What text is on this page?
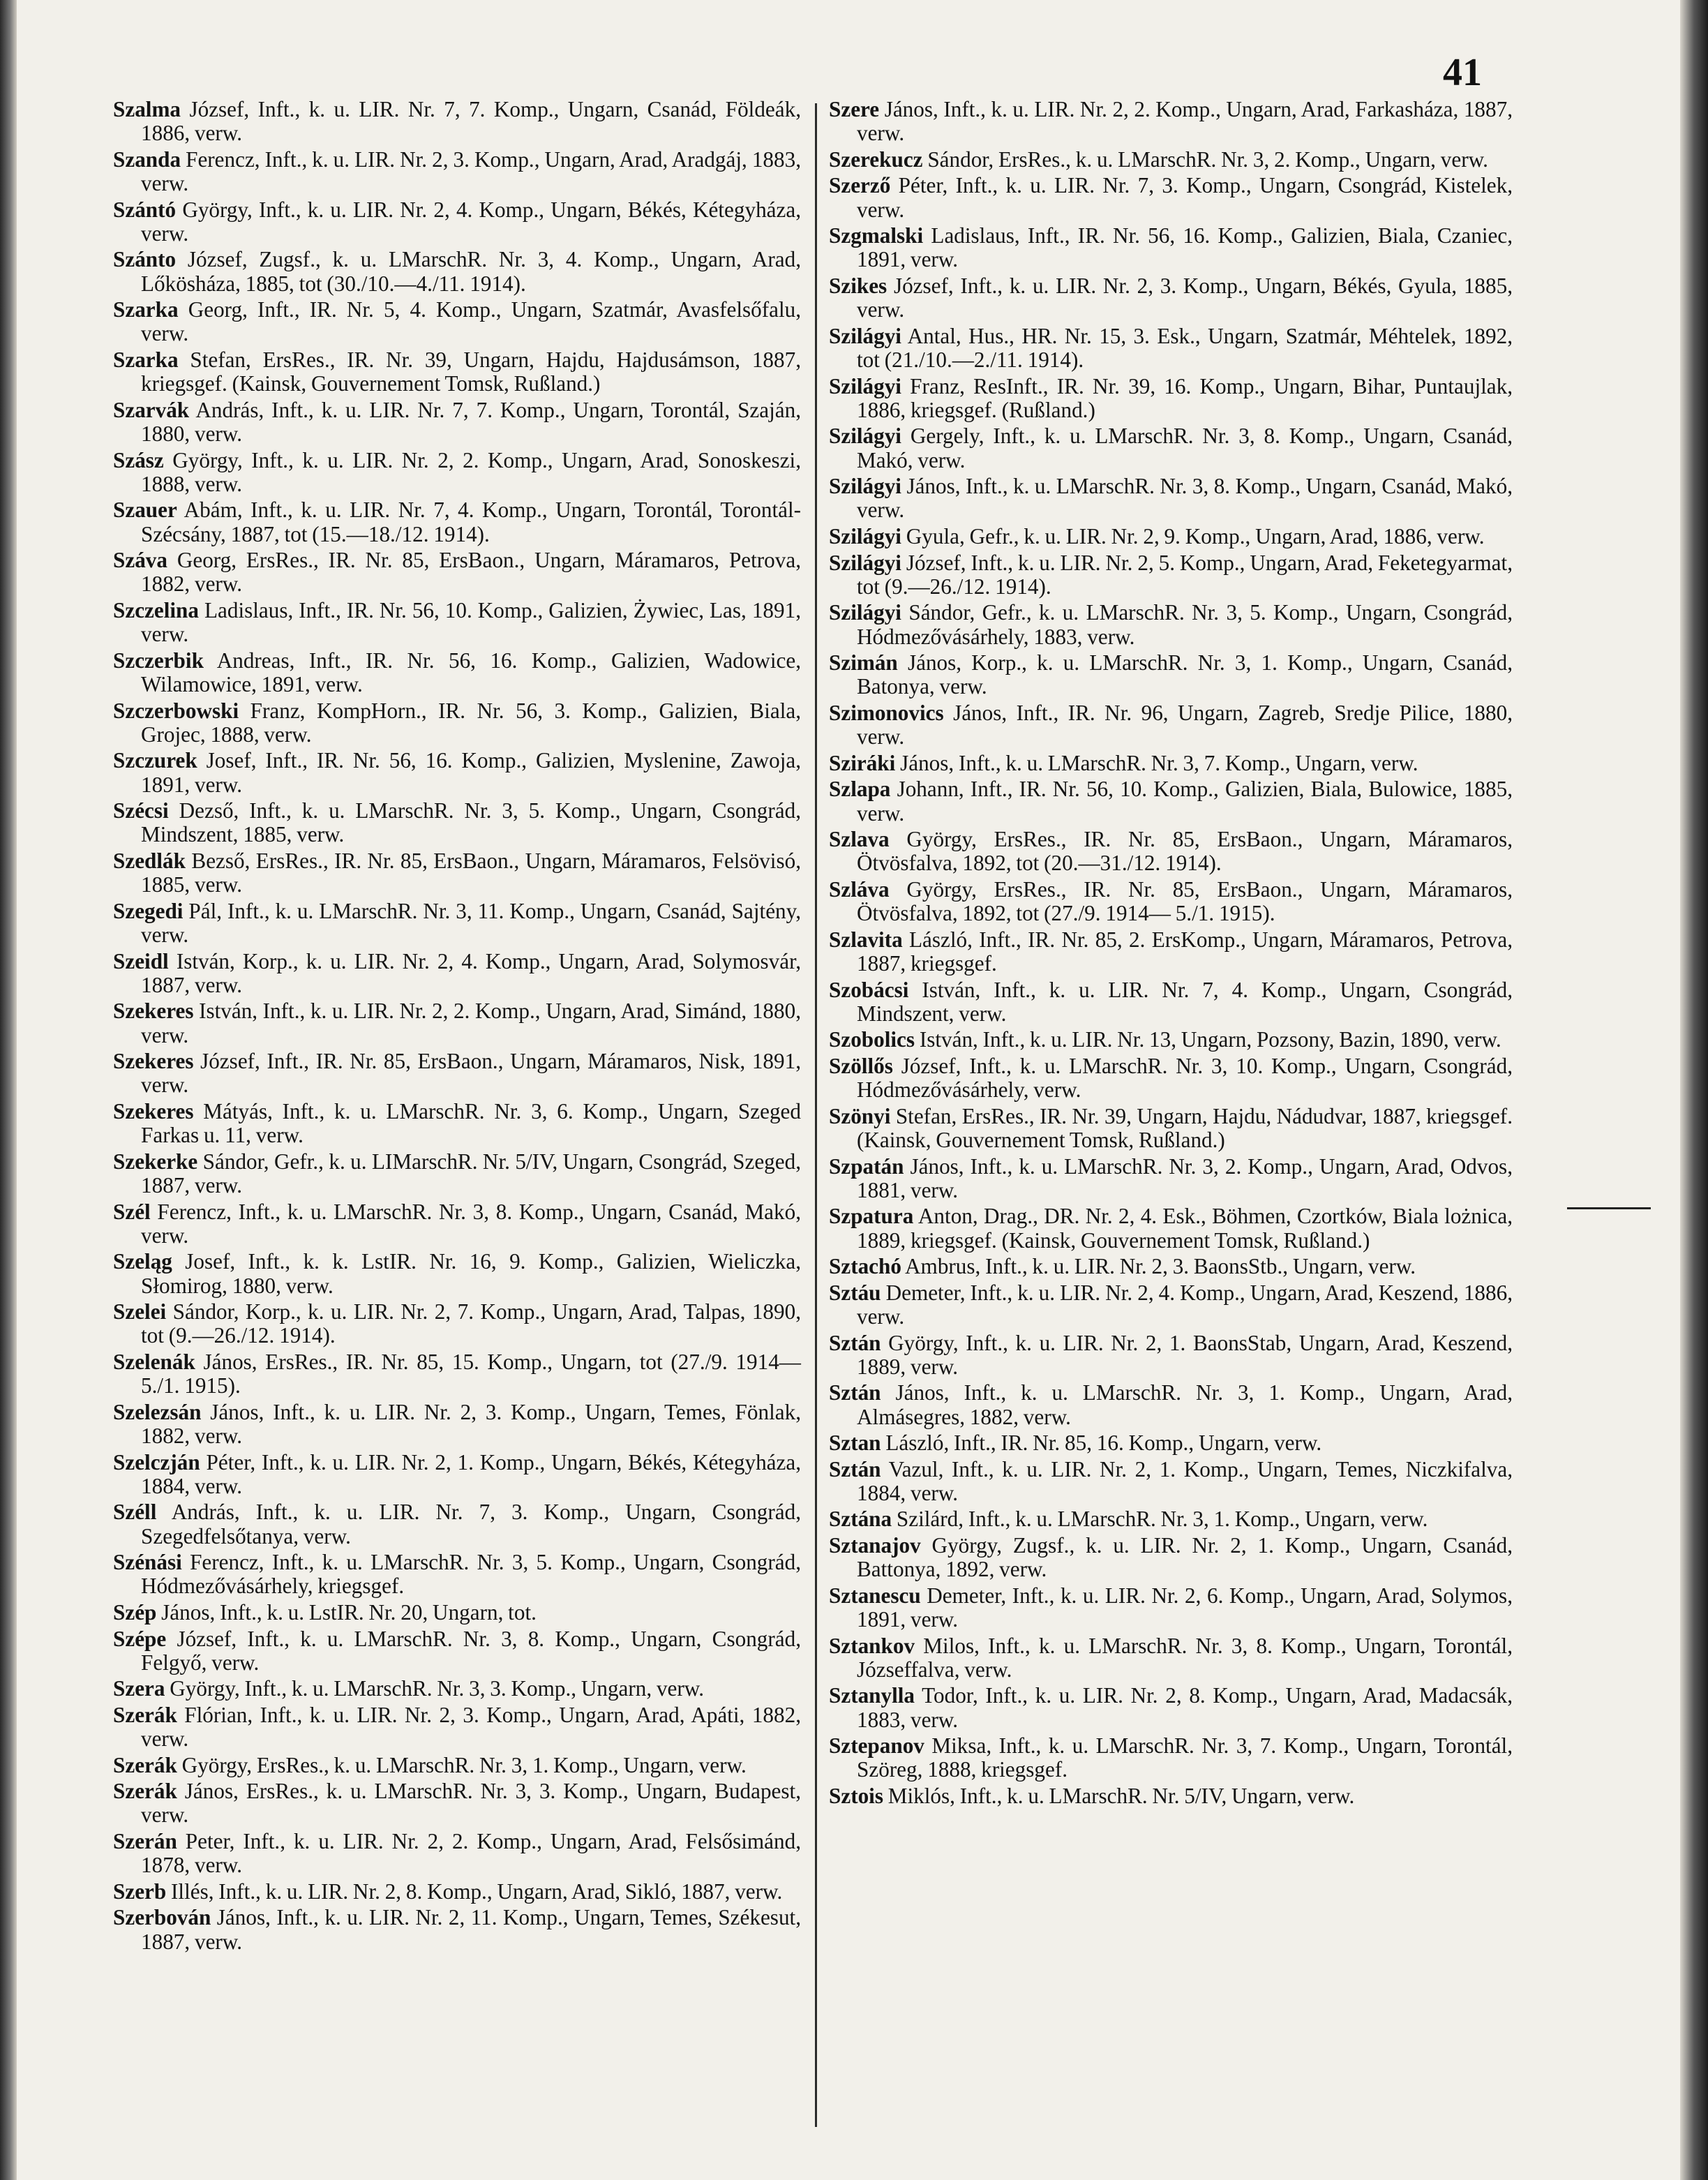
41
Szalma József, Inft., k. u. LIR. Nr. 7, 7. Komp., Ungarn, Csanád, Földeák, 1886, verw.
Szanda Ferencz, Inft., k. u. LIR. Nr. 2, 3. Komp., Ungarn, Arad, Aradgáj, 1883, verw.
Szántó György, Inft., k. u. LIR. Nr. 2, 4. Komp., Ungarn, Békés, Kétegyháza, verw.
Szánto József, Zugsf., k. u. LMarschR. Nr. 3, 4. Komp., Ungarn, Arad, Lőkösháza, 1885, tot (30./10.—4./11. 1914).
Szarka Georg, Inft., IR. Nr. 5, 4. Komp., Ungarn, Szatmár, Avasfelsőfalu, verw.
Szarka Stefan, ErsRes., IR. Nr. 39, Ungarn, Hajdu, Hajdusámson, 1887, kriegsgef. (Kainsk, Gouvernement Tomsk, Rußland.)
Szarvák András, Inft., k. u. LIR. Nr. 7, 7. Komp., Ungarn, Torontál, Szaján, 1880, verw.
Szász György, Inft., k. u. LIR. Nr. 2, 2. Komp., Ungarn, Arad, Sonoskeszi, 1888, verw.
Szauer Abám, Inft., k. u. LIR. Nr. 7, 4. Komp., Ungarn, Torontál, Torontál-Szécsány, 1887, tot (15.—18./12. 1914).
Száva Georg, ErsRes., IR. Nr. 85, ErsBaon., Ungarn, Máramaros, Petrova, 1882, verw.
Szczelina Ladislaus, Inft., IR. Nr. 56, 10. Komp., Galizien, Żywiec, Las, 1891, verw.
Szczerbik Andreas, Inft., IR. Nr. 56, 16. Komp., Galizien, Wadowice, Wilamowice, 1891, verw.
Szczerbowski Franz, KompHorn., IR. Nr. 56, 3. Komp., Galizien, Biala, Grojec, 1888, verw.
Szczurek Josef, Inft., IR. Nr. 56, 16. Komp., Galizien, Myslenine, Zawoja, 1891, verw.
Szécsi Dezső, Inft., k. u. LMarschR. Nr. 3, 5. Komp., Ungarn, Csongrád, Mindszent, 1885, verw.
Szedlák Bezső, ErsRes., IR. Nr. 85, ErsBaon., Ungarn, Máramaros, Felsövisó, 1885, verw.
Szegedi Pál, Inft., k. u. LMarschR. Nr. 3, 11. Komp., Ungarn, Csanád, Sajtény, verw.
Szeidl István, Korp., k. u. LIR. Nr. 2, 4. Komp., Ungarn, Arad, Solymosvár, 1887, verw.
Szekeres István, Inft., k. u. LIR. Nr. 2, 2. Komp., Ungarn, Arad, Simánd, 1880, verw.
Szekeres József, Inft., IR. Nr. 85, ErsBaon., Ungarn, Máramaros, Nisk, 1891, verw.
Szekeres Mátyás, Inft., k. u. LMarschR. Nr. 3, 6. Komp., Ungarn, Szeged Farkas u. 11, verw.
Szekerke Sándor, Gefr., k. u. LIMarschR. Nr. 5/IV, Ungarn, Csongrád, Szeged, 1887, verw.
Szél Ferencz, Inft., k. u. LMarschR. Nr. 3, 8. Komp., Ungarn, Csanád, Makó, verw.
Szeląg Josef, Inft., k. k. LstIR. Nr. 16, 9. Komp., Galizien, Wieliczka, Słomirog, 1880, verw.
Szelei Sándor, Korp., k. u. LIR. Nr. 2, 7. Komp., Ungarn, Arad, Talpas, 1890, tot (9.—26./12. 1914).
Szelenák János, ErsRes., IR. Nr. 85, 15. Komp., Ungarn, tot (27./9. 1914—5./1. 1915).
Szelezsán János, Inft., k. u. LIR. Nr. 2, 3. Komp., Ungarn, Temes, Fönlak, 1882, verw.
Szelczján Péter, Inft., k. u. LIR. Nr. 2, 1. Komp., Ungarn, Békés, Kétegyháza, 1884, verw.
Széll András, Inft., k. u. LIR. Nr. 7, 3. Komp., Ungarn, Csongrád, Szegedfelsőtanya, verw.
Szénási Ferencz, Inft., k. u. LMarschR. Nr. 3, 5. Komp., Ungarn, Csongrád, Hódmezővásárhely, kriegsgef.
Szép János, Inft., k. u. LstIR. Nr. 20, Ungarn, tot.
Szépe József, Inft., k. u. LMarschR. Nr. 3, 8. Komp., Ungarn, Csongrád, Felgyő, verw.
Szera György, Inft., k. u. LMarschR. Nr. 3, 3. Komp., Ungarn, verw.
Szerák Flórian, Inft., k. u. LIR. Nr. 2, 3. Komp., Ungarn, Arad, Apáti, 1882, verw.
Szerák György, ErsRes., k. u. LMarschR. Nr. 3, 1. Komp., Ungarn, verw.
Szerák János, ErsRes., k. u. LMarschR. Nr. 3, 3. Komp., Ungarn, Budapest, verw.
Szerán Peter, Inft., k. u. LIR. Nr. 2, 2. Komp., Ungarn, Arad, Felsősimánd, 1878, verw.
Szerb Illés, Inft., k. u. LIR. Nr. 2, 8. Komp., Ungarn, Arad, Sikló, 1887, verw.
Szerbován János, Inft., k. u. LIR. Nr. 2, 11. Komp., Ungarn, Temes, Székesut, 1887, verw.
Szere János, Inft., k. u. LIR. Nr. 2, 2. Komp., Ungarn, Arad, Farkasháza, 1887, verw.
Szerekucz Sándor, ErsRes., k. u. LMarschR. Nr. 3, 2. Komp., Ungarn, verw.
Szerző Péter, Inft., k. u. LIR. Nr. 7, 3. Komp., Ungarn, Csongrád, Kistelek, verw.
Szgmalski Ladislaus, Inft., IR. Nr. 56, 16. Komp., Galizien, Biala, Czaniec, 1891, verw.
Szikes József, Inft., k. u. LIR. Nr. 2, 3. Komp., Ungarn, Békés, Gyula, 1885, verw.
Szilágyi Antal, Hus., HR. Nr. 15, 3. Esk., Ungarn, Szatmár, Méhtelek, 1892, tot (21./10.—2./11. 1914).
Szilágyi Franz, ResInft., IR. Nr. 39, 16. Komp., Ungarn, Bihar, Puntaujlak, 1886, kriegsgef. (Rußland.)
Szilágyi Gergely, Inft., k. u. LMarschR. Nr. 3, 8. Komp., Ungarn, Csanád, Makó, verw.
Szilágyi János, Inft., k. u. LMarschR. Nr. 3, 8. Komp., Ungarn, Csanád, Makó, verw.
Szilágyi Gyula, Gefr., k. u. LIR. Nr. 2, 9. Komp., Ungarn, Arad, 1886, verw.
Szilágyi József, Inft., k. u. LIR. Nr. 2, 5. Komp., Ungarn, Arad, Feketegyarmat, tot (9.—26./12. 1914).
Szilágyi Sándor, Gefr., k. u. LMarschR. Nr. 3, 5. Komp., Ungarn, Csongrád, Hódmezővásárhely, 1883, verw.
Szimán János, Korp., k. u. LMarschR. Nr. 3, 1. Komp., Ungarn, Csanád, Batonya, verw.
Szimonovics János, Inft., IR. Nr. 96, Ungarn, Zagreb, Sredje Pilice, 1880, verw.
Sziráki János, Inft., k. u. LMarschR. Nr. 3, 7. Komp., Ungarn, verw.
Szlapa Johann, Inft., IR. Nr. 56, 10. Komp., Galizien, Biala, Bulowice, 1885, verw.
Szlava György, ErsRes., IR. Nr. 85, ErsBaon., Ungarn, Máramaros, Ötvösfalva, 1892, tot (20.—31./12. 1914).
Szláva György, ErsRes., IR. Nr. 85, ErsBaon., Ungarn, Máramaros, Ötvösfalva, 1892, tot (27./9. 1914— 5./1. 1915).
Szlavita László, Inft., IR. Nr. 85, 2. ErsKomp., Ungarn, Máramaros, Petrova, 1887, kriegsgef.
Szobácsi István, Inft., k. u. LIR. Nr. 7, 4. Komp., Ungarn, Csongrád, Mindszent, verw.
Szobolics István, Inft., k. u. LIR. Nr. 13, Ungarn, Pozsony, Bazin, 1890, verw.
Szöllős József, Inft., k. u. LMarschR. Nr. 3, 10. Komp., Ungarn, Csongrád, Hódmezővásárhely, verw.
Szönyi Stefan, ErsRes., IR. Nr. 39, Ungarn, Hajdu, Nádudvar, 1887, kriegsgef. (Kainsk, Gouvernement Tomsk, Rußland.)
Szpatán János, Inft., k. u. LMarschR. Nr. 3, 2. Komp., Ungarn, Arad, Odvos, 1881, verw.
Szpatura Anton, Drag., DR. Nr. 2, 4. Esk., Böhmen, Czortków, Biala lożnica, 1889, kriegsgef. (Kainsk, Gouvernement Tomsk, Rußland.)
Sztachó Ambrus, Inft., k. u. LIR. Nr. 2, 3. BaonsStb., Ungarn, verw.
Sztáu Demeter, Inft., k. u. LIR. Nr. 2, 4. Komp., Ungarn, Arad, Keszend, 1886, verw.
Sztán György, Inft., k. u. LIR. Nr. 2, 1. BaonsStab, Ungarn, Arad, Keszend, 1889, verw.
Sztán János, Inft., k. u. LMarschR. Nr. 3, 1. Komp., Ungarn, Arad, Almásegres, 1882, verw.
Sztan László, Inft., IR. Nr. 85, 16. Komp., Ungarn, verw.
Sztán Vazul, Inft., k. u. LIR. Nr. 2, 1. Komp., Ungarn, Temes, Niczkifalva, 1884, verw.
Sztána Szilárd, Inft., k. u. LMarschR. Nr. 3, 1. Komp., Ungarn, verw.
Sztanajov György, Zugsf., k. u. LIR. Nr. 2, 1. Komp., Ungarn, Csanád, Battonya, 1892, verw.
Sztanescu Demeter, Inft., k. u. LIR. Nr. 2, 6. Komp., Ungarn, Arad, Solymos, 1891, verw.
Sztankov Milos, Inft., k. u. LMarschR. Nr. 3, 8. Komp., Ungarn, Torontál, Józseffalva, verw.
Sztanylla Todor, Inft., k. u. LIR. Nr. 2, 8. Komp., Ungarn, Arad, Madacsák, 1883, verw.
Sztepanov Miksa, Inft., k. u. LMarschR. Nr. 3, 7. Komp., Ungarn, Torontál, Szöreg, 1888, kriegsgef.
Sztois Miklós, Inft., k. u. LMarschR. Nr. 5/IV, Ungarn, verw.
